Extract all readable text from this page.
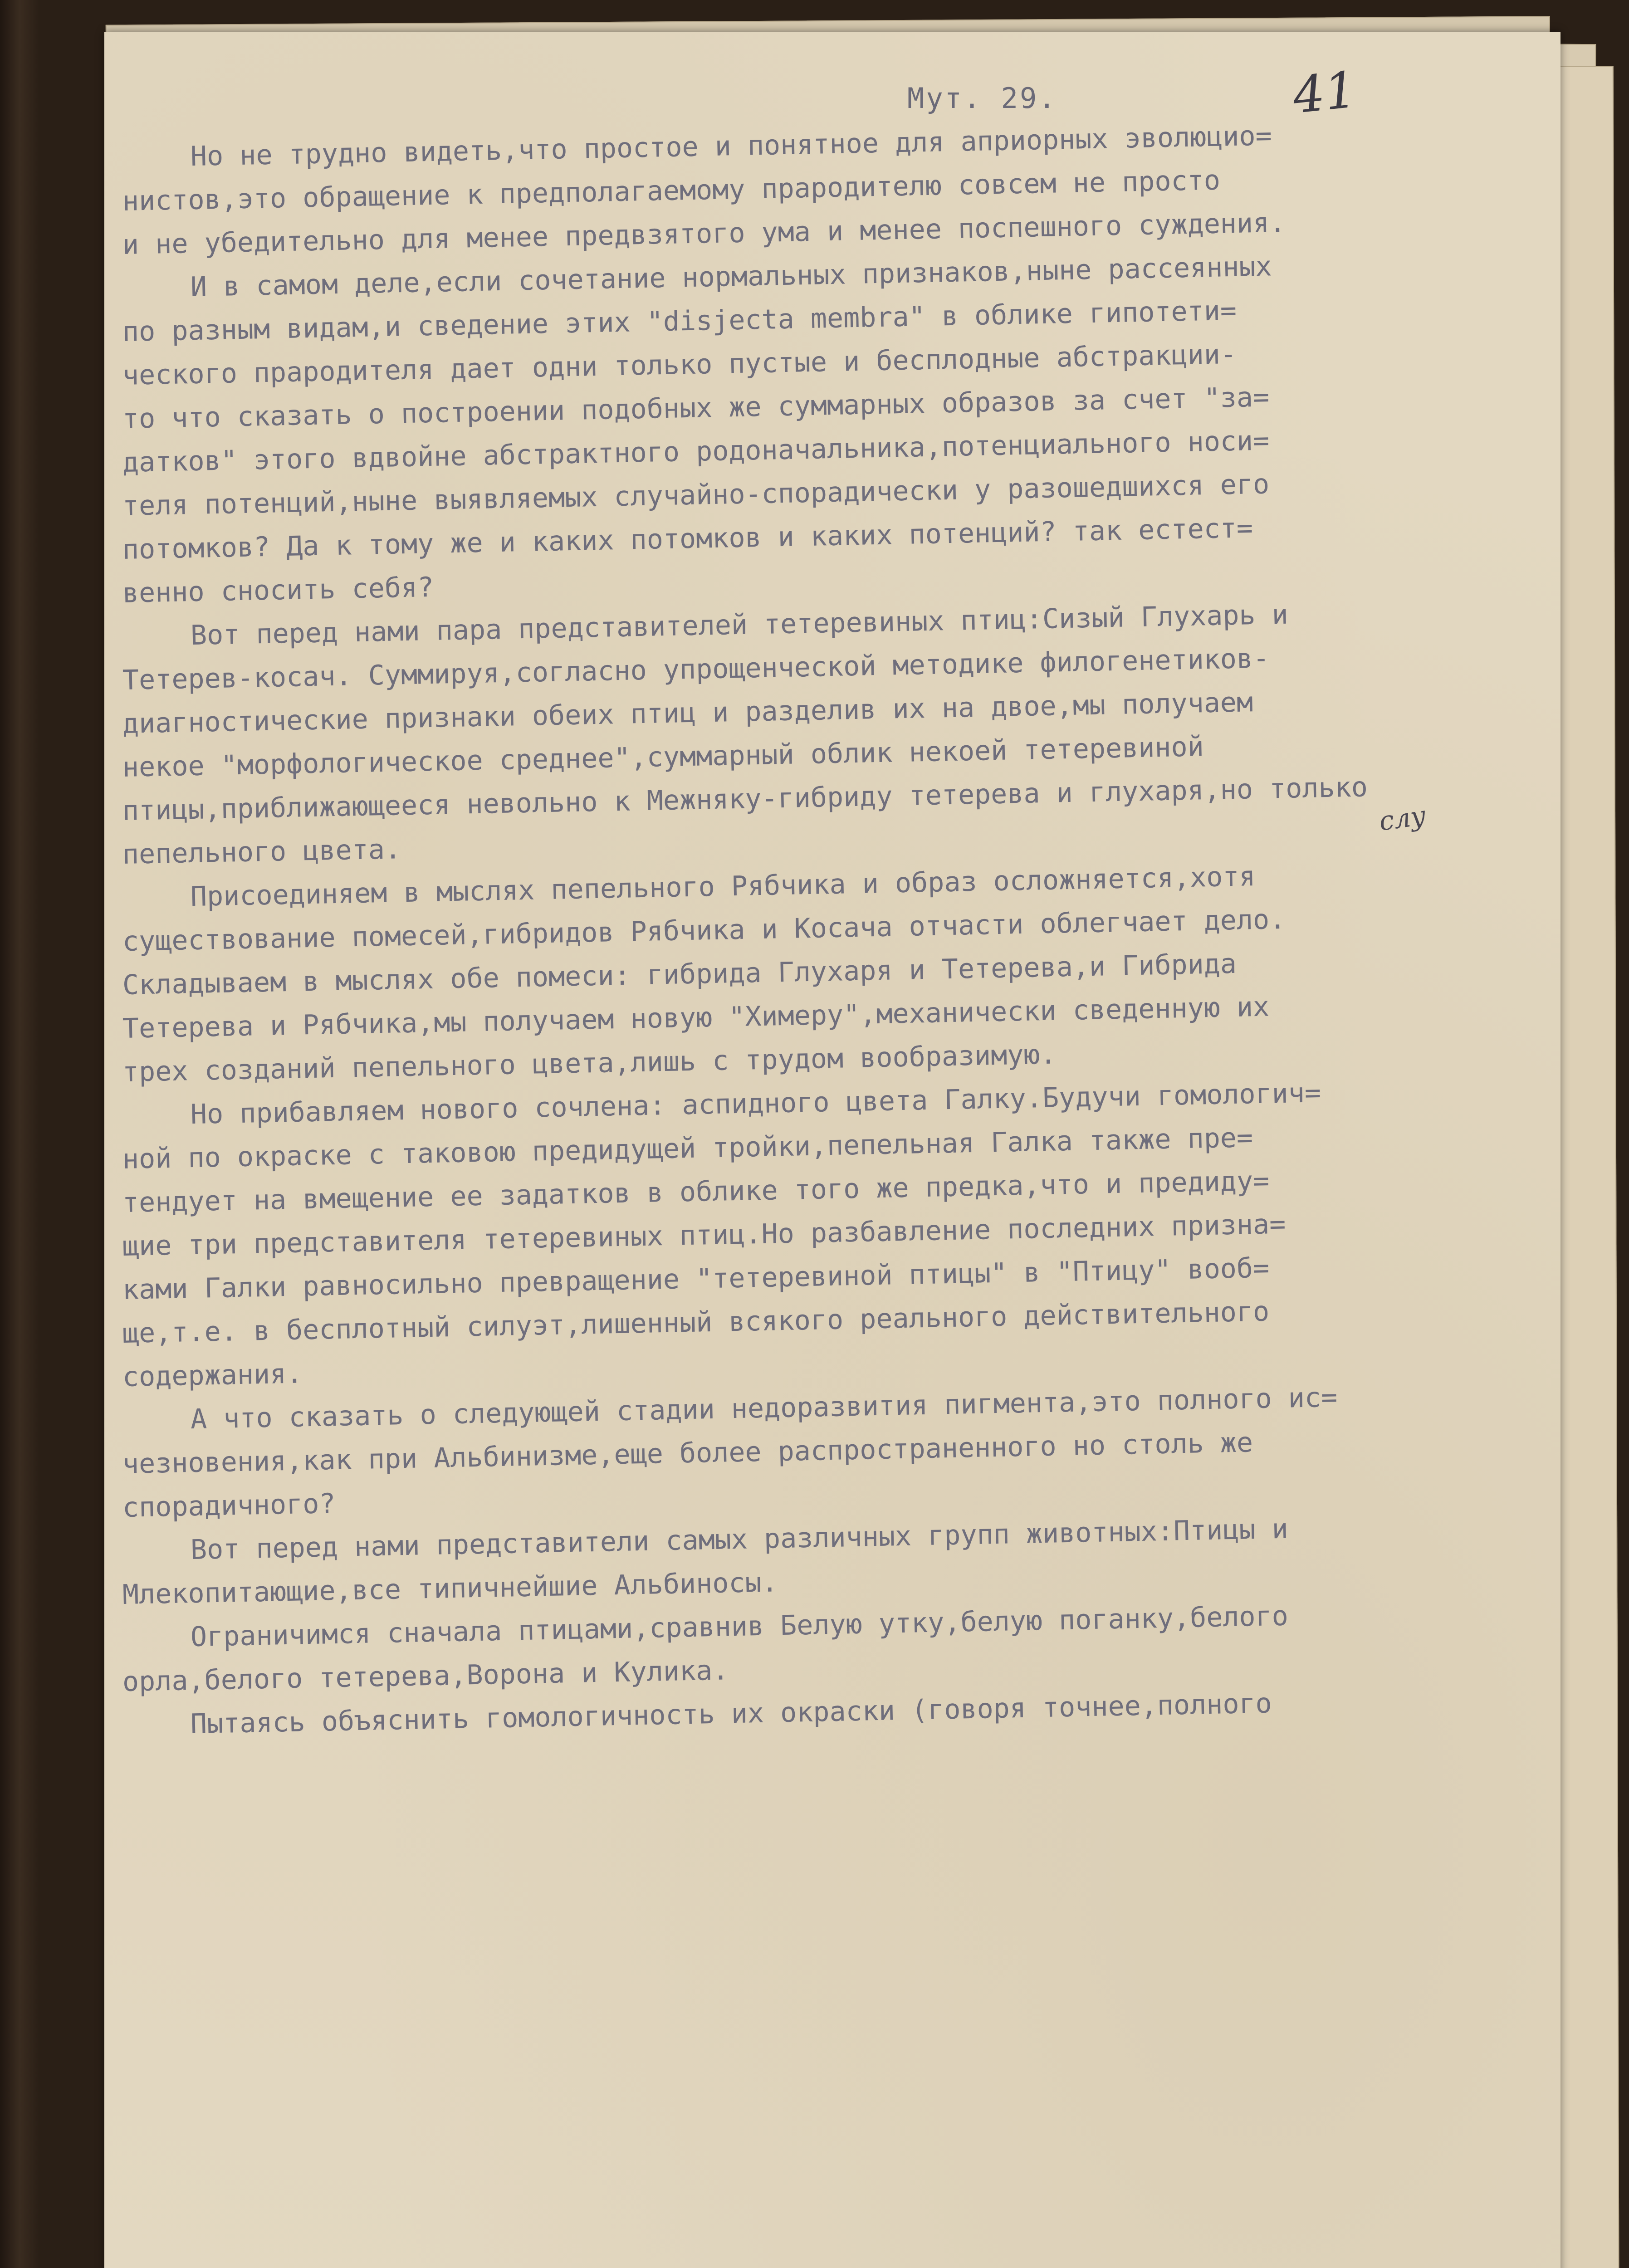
Мут. 29.	41
слу
Но не трудно видеть,что простое и понятное для априорных эволюцио=
нистов,это обращение к предполагаемому прародителю совсем не просто
и не убедительно для менее предвзятого ума и менее поспешного суждения.
И в самом деле,если сочетание нормальных признаков,ныне рассеянных
по разным видам,и сведение этих "disjecta membra" в облике гипотети=
ческого прародителя дает одни только пустые и бесплодные абстракции-
то что сказать о построении подобных же суммарных образов за счет "за=
датков" этого вдвойне абстрактного родоначальника,потенциального носи=
теля потенций,ныне выявляемых случайно-спорадически у разошедшихся его
потомков? Да к тому же и каких потомков и каких потенций? так естест=
венно сносить себя?
Вот перед нами пара представителей тетеревиных птиц:Сизый Глухарь и
Тетерев-косач. Суммируя,согласно упрощенческой методике филогенетиков-
диагностические признаки обеих птиц и разделив их на двое,мы получаем
некое "морфологическое среднее",суммарный облик некоей тетеревиной
птицы,приближающееся невольно к Межняку-гибриду тетерева и глухаря,но только
пепельного цвета.
Присоединяем в мыслях пепельного Рябчика и образ осложняется,хотя
существование помесей,гибридов Рябчика и Косача отчасти облегчает дело.
Складываем в мыслях обе помеси: гибрида Глухаря и Тетерева,и Гибрида
Тетерева и Рябчика,мы получаем новую "Химеру",механически сведенную их
трех созданий пепельного цвета,лишь с трудом вообразимую.
Но прибавляем нового сочлена: аспидного цвета Галку.Будучи гомологич=
ной по окраске с таковою предидущей тройки,пепельная Галка также пре=
тендует на вмещение ее задатков в облике того же предка,что и предиду=
щие три представителя тетеревиных птиц.Но разбавление последних призна=
ками Галки равносильно превращение "тетеревиной птицы" в "Птицу" вооб=
ще,т.е. в бесплотный силуэт,лишенный всякого реального действительного
содержания.
А что сказать о следующей стадии недоразвития пигмента,это полного ис=
чезновения,как при Альбинизме,еще более распространенного но столь же
спорадичного?
Вот перед нами представители самых различных групп животных:Птицы и
Млекопитающие,все типичнейшие Альбиносы.
Ограничимся сначала птицами,сравнив Белую утку,белую поганку,белого
орла,белого тетерева,Ворона и Кулика.
Пытаясь объяснить гомологичность их окраски (говоря точнее,полного
